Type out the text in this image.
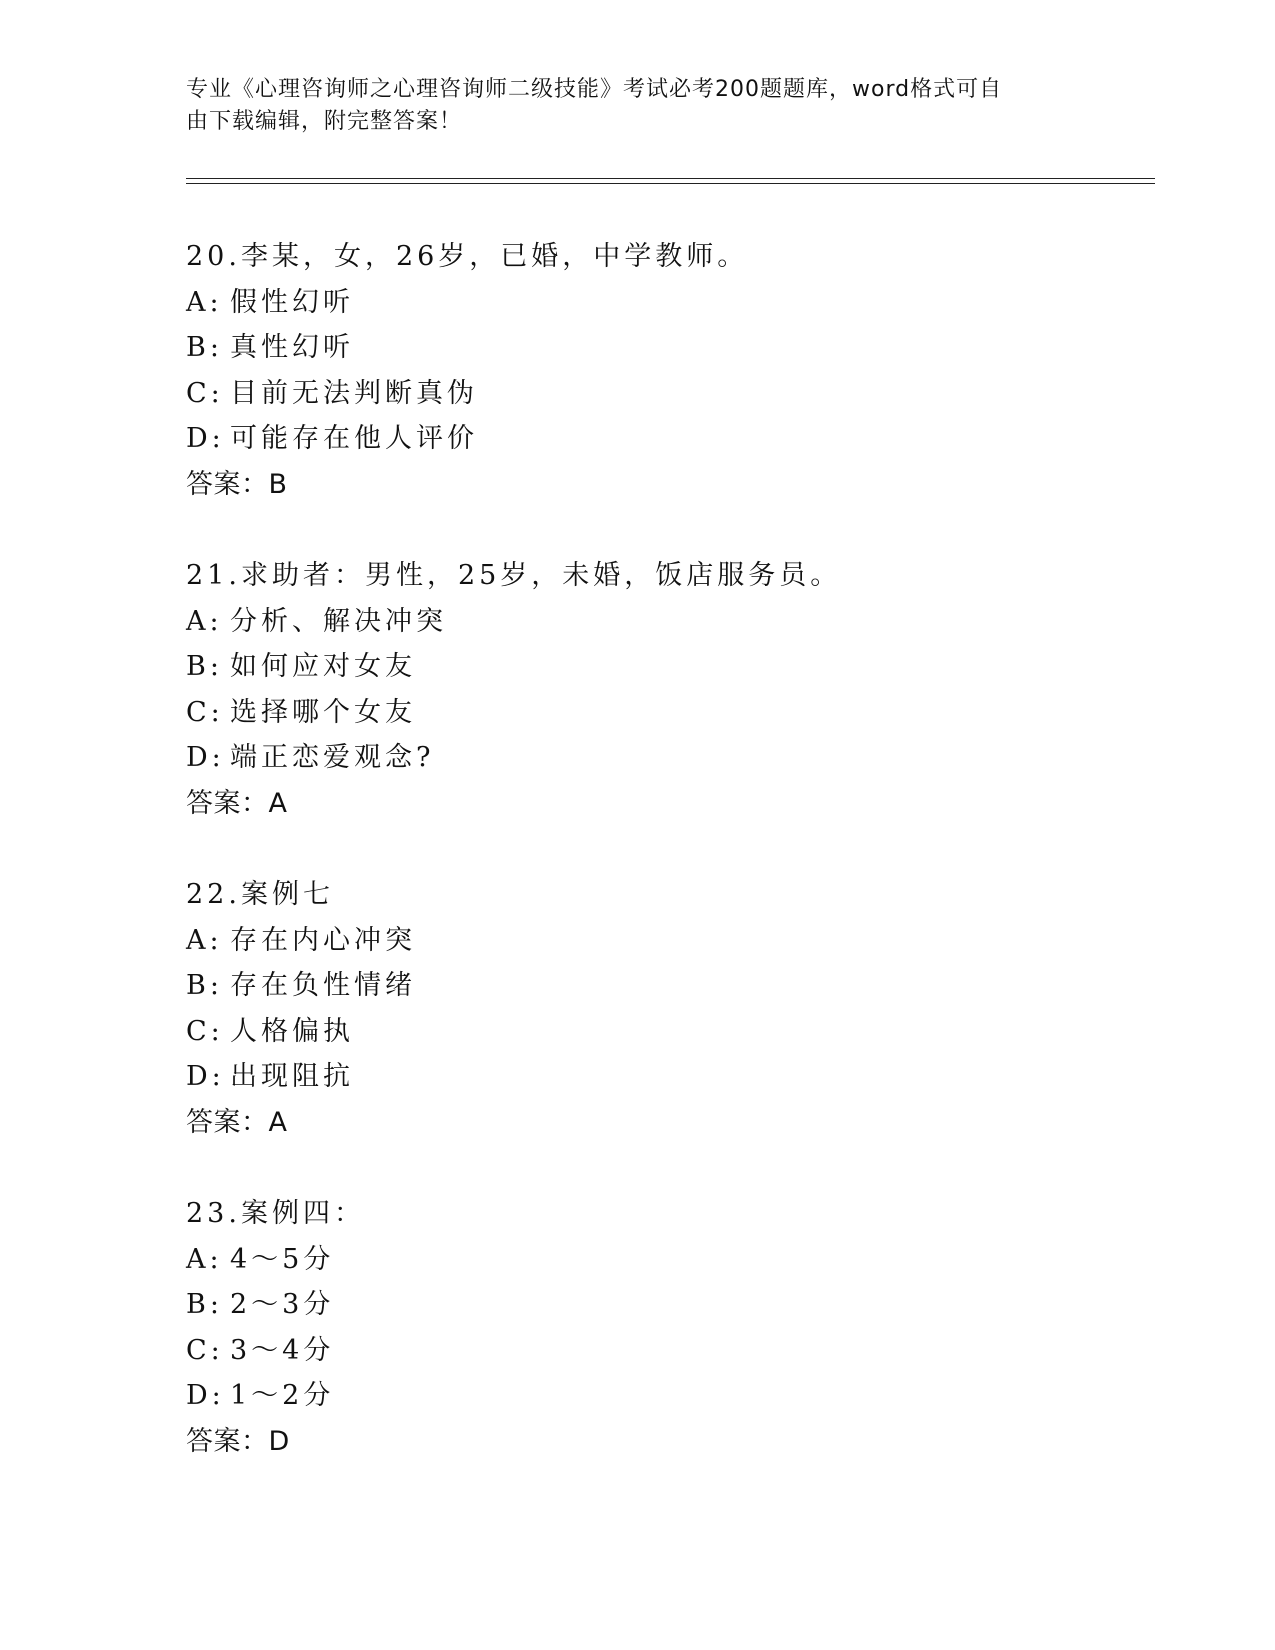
专业《心理咨询师之心理咨询师二级技能》考试必考200题题库，word格式可自
由下载编辑，附完整答案！
20.李某，女，26岁，已婚，中学教师。
A: 假性幻听
B: 真性幻听
C: 目前无法判断真伪
D: 可能存在他人评价
答案：B
21.求助者：男性，25岁，未婚，饭店服务员。
A: 分析、解决冲突
B: 如何应对女友
C: 选择哪个女友
D: 端正恋爱观念?
答案：A
22.案例七
A: 存在内心冲突
B: 存在负性情绪
C: 人格偏执
D: 出现阻抗
答案：A
23.案例四：
A: 4～5分
B: 2～3分
C: 3～4分
D: 1～2分
答案：D
